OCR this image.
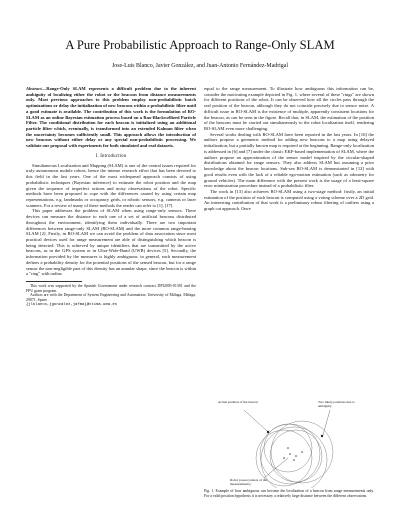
A Pure Probabilistic Approach to Range-Only SLAM
Jose-Luis Blanco, Javier González, and Juan-Antonio Fernández-Madrigal

Abstract—Range-Only SLAM represents a difficult problem due to the inherent ambiguity of localizing either the robot or the beacons from distance measurements only. Most previous approaches to this problem employ non-probabilistic batch optimizations or delay the initialization of new beacons within a probabilistic filter until a good estimate is available. The contribution of this work is the formulation of RO-SLAM as an online Bayesian estimation process based on a Rao-Blackwellized Particle Filter. The conditional distribution for each beacon is initialized using an additional particle filter which, eventually, is transformed into an extended Kalman filter when the uncertainty becomes sufficiently small. This approach allows the introduction of new beacons without either delay or any special non-probabilistic processing. We validate our proposal with experiments for both simulated and real datasets.

I. Introduction

Simultaneous Localization and Mapping (SLAM) is one of the central issues required for truly autonomous mobile robots, hence the intense research effort that has been devoted to this field in the last years. One of the most widespread approach consists of using probabilistic techniques (Bayesian inference) to estimate the robot position and the map given the sequence of imperfect actions and noisy observations of the robot. Specific methods have been proposed to cope with the differences caused by using certain map representations, e.g. landmarks or occupancy grids, or robotic sensors, e.g. cameras or laser scanners. For a review of many of these methods the reader can refer to [1], [17].

This paper addresses the problem of SLAM when using range-only sensors. These devices can measure the distance to each one of a set of artificial beacons distributed throughout the environment, identifying them individually. There are two important differences between range-only SLAM (RO-SLAM) and the more common range-bearing SLAM [2]. Firstly, in RO-SLAM we can avoid the problem of data association since most practical devices used for range measurement are able of distinguishing which beacon is being detected. This is achieved by unique identifiers that are transmitted by the active beacons, as in the GPS system or in Ultra-Wide-Band (UWB) devices [5]. Secondly, the information provided by the measures is highly ambiguous: in general, each measurement defines a probability density for the potential positions of the sensed beacon, but for a range sensor the non-negligible part of this density has an annular shape, since the beacon is within a "ring" with radius

This work was supported by the Spanish Government under research contract DPI2005-01391 and the FPU grant program.

Authors are with the Department of System Engineering and Automation, University of Málaga, Málaga, 29071, Spain

{jlblanco,jgonzalez,jafma}@ctima.uma.es

equal to the range measurement. To illustrate how ambiguous this information can be, consider the motivating example depicted in Fig. 1, where several of these "rings" are shown for different positions of the robot. It can be observed how all the circles pass through the real position of the beacon, although they do not coincide precisely due to sensor noise. A difficult issue in RO-SLAM is the existence of multiple, apparently consistent locations for the beacon, as can be seen in the figure. Recall that, in SLAM, the estimation of the position of the beacons must be carried out simultaneously to the robot localization itself, rendering RO-SLAM even more challenging.

Several works dealing with RO-SLAM have been reported in the last years. In [16] the authors propose a geometric method for adding new beacons to a map using delayed initialization, but a partially known map is required at the beginning. Range-only localization is addressed in [6] and [7] under the classic EKF-based implementation of SLAM, where the authors propose an approximation of the sensor model inspired by the circular-shaped distributions obtained for range sensors. They also address SLAM but assuming a prior knowledge about the beacon locations. Sub-sea RO-SLAM is demonstrated in [12] with good results even with the lack of a reliable ego-motion estimation (such as odometry for ground vehicles). The main difference with the present work is the usage of a least-square error minimization procedure instead of a probabilistic filter.

The work in [13] also achieves RO-SLAM using a two-stage method: firstly, an initial estimation of the position of each beacon is computed using a voting scheme over a 2D grid. An interesting contribution of that work is a preliminary robust filtering of outliers using a graph cut approach. Once

Actual position of the beacon	Two likely positions due to ambiguity
Robot poses (centers of the measurements)
Fig. 1. Example of how ambiguous can become the localization of a beacon from range measurements only. For a valid position hypothesis it is necessary a relatively large distance between the different observations.
